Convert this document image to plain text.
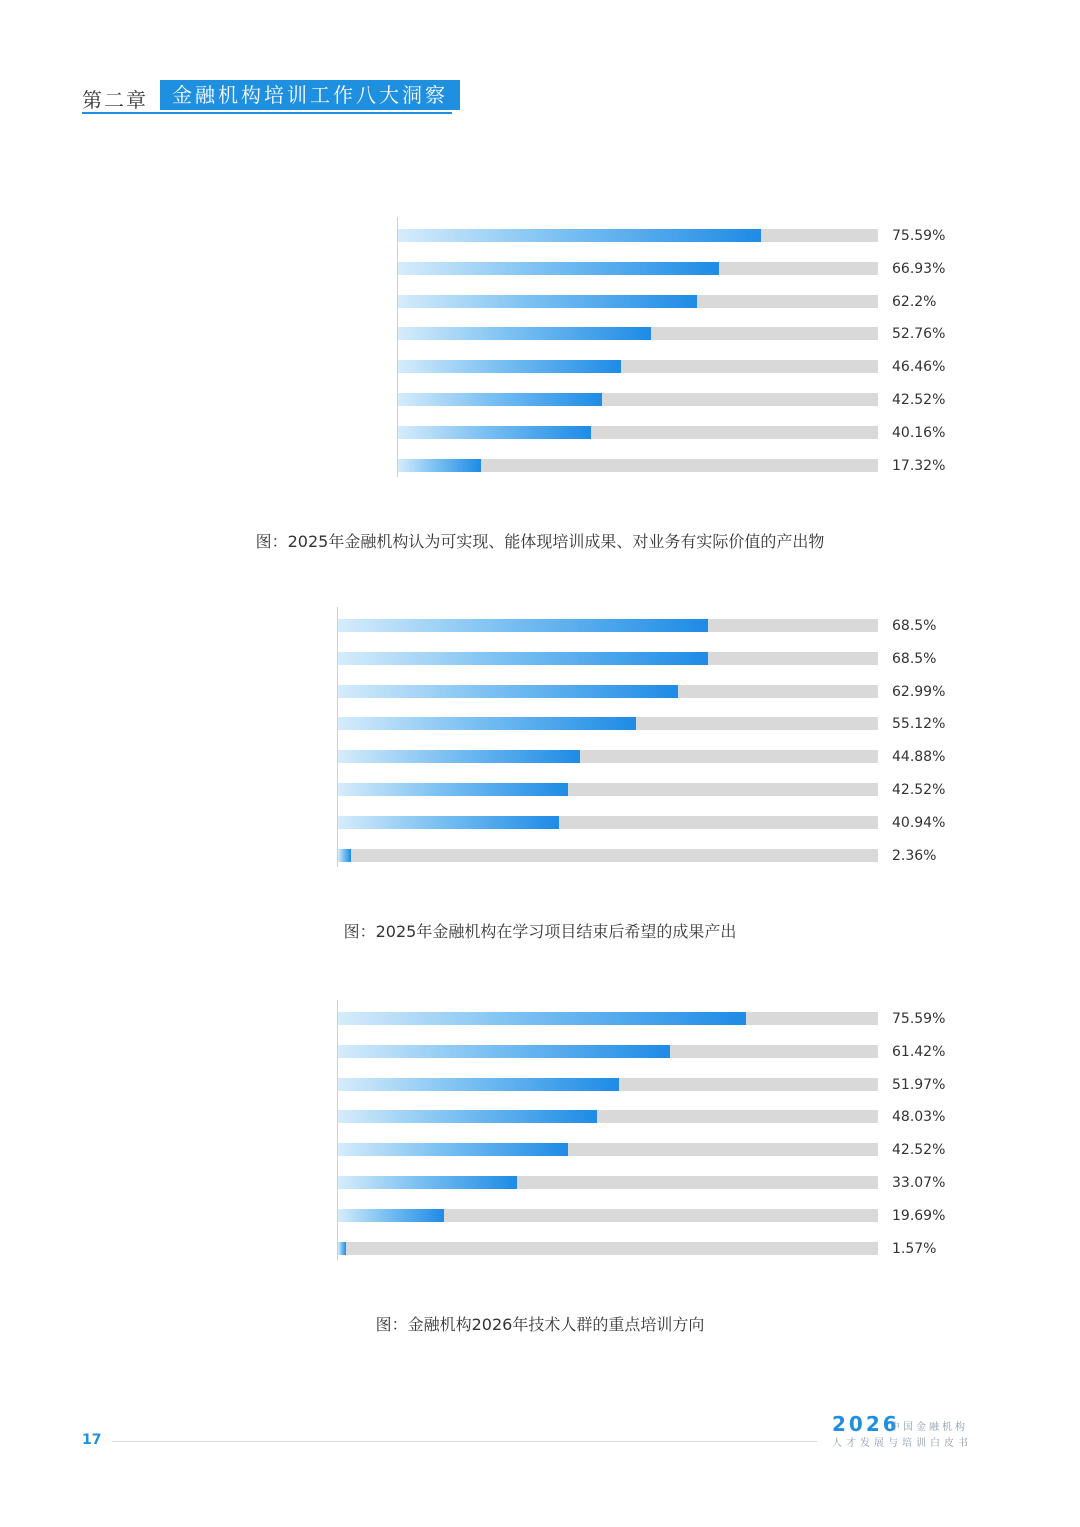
第二章	金融机构培训工作八大洞察
75.59%
66.93%
62.2%
52.76%
46.46%
42.52%
40.16%
17.32%
图：2025年金融机构认为可实现、能体现培训成果、对业务有实际价值的产出物
68.5%
68.5%
62.99%
55.12%
44.88%
42.52%
40.94%
2.36%
图：2025年金融机构在学习项目结束后希望的成果产出
75.59%
61.42%
51.97%
48.03%
42.52%
33.07%
19.69%
1.57%
图：金融机构2026年技术人群的重点培训方向
17
2026
中国金融机构
人才发展与培训白皮书
